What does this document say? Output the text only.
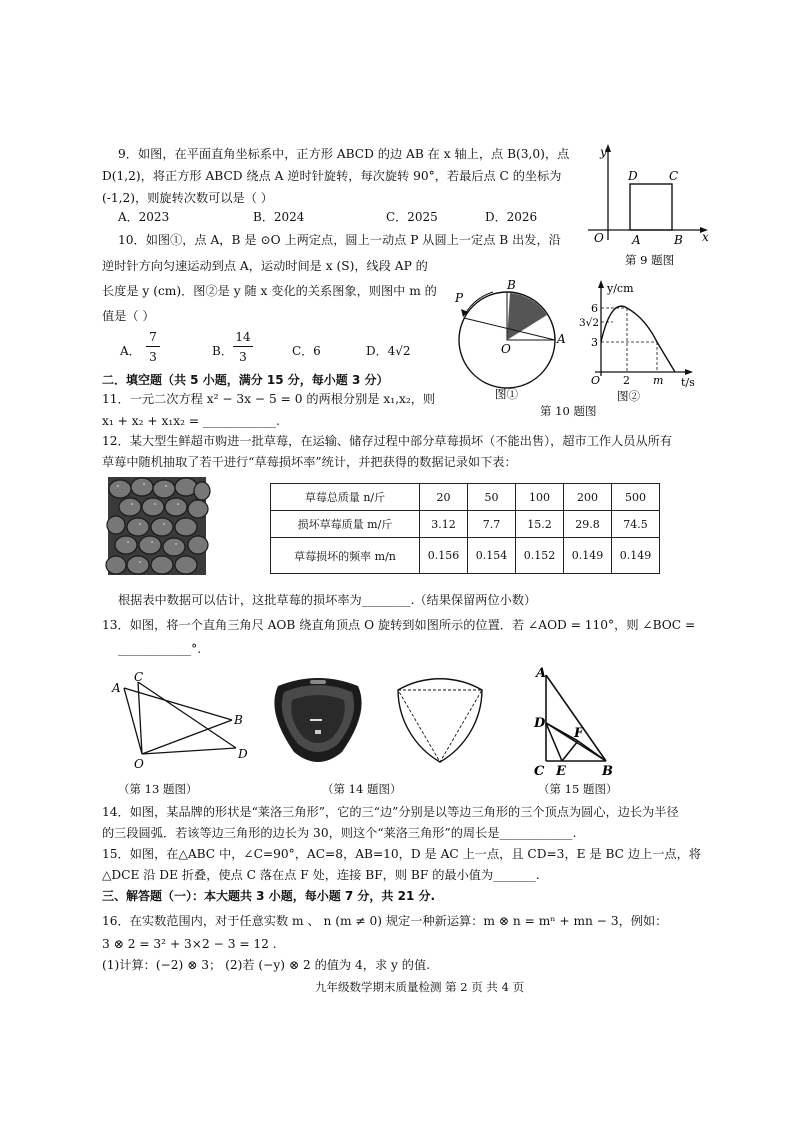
9．如图，在平面直角坐标系中，正方形 ABCD 的边 AB 在 x 轴上，点 B(3,0)，点
D(1,2)，将正方形 ABCD 绕点 A 逆时针旋转，每次旋转 90°，若最后点 C 的坐标为
(-1,2)，则旋转次数可以是（ ）
A．2023	B．2024	C．2025	D．2026
y
x
O A	B
C
D
第 9 题图
10．如图①，点 A，B 是 ⊙O 上两定点，圆上一动点 P 从圆上一定点 B 出发，沿
逆时针方向匀速运动到点 A，运动时间是 x (S)，线段 AP 的
长度是 y (cm)．图②是 y 随 x 变化的关系图象，则图中 m 的
值是（ ）
A．
7
3	B．
14
3	C．6	D．4√2
P
B
O
A
图①
y/cm
t/s
O
6
3√2
3
2 m
图②
第 10 题图
二．填空题（共 5 小题，满分 15 分，每小题 3 分）
11．一元二次方程 x² − 3x − 5 = 0 的两根分别是 x₁,x₂，则
x₁ + x₂ + x₁x₂ = ____________.
12．某大型生鲜超市购进一批草莓，在运输、储存过程中部分草莓损坏（不能出售），超市工作人员从所有
草莓中随机抽取了若干进行“草莓损坏率”统计，并把获得的数据记录如下表：
草莓总质量 n/斤	20	50	100	200	500
损坏草莓质量 m/斤	3.12	7.7	15.2	29.8	74.5
草莓损坏的频率 m/n	0.156	0.154	0.152	0.149	0.149
根据表中数据可以估计，这批草莓的损坏率为________.（结果保留两位小数）
13．如图，将一个直角三角尺 AOB 绕直角顶点 O 旋转到如图所示的位置．若 ∠AOD = 110°，则 ∠BOC =
____________°.
A
C
B
O
D
（第 13 题图）	（第 14 题图）
A
D
F
C E	B
（第 15 题图）
14．如图，某品牌的形状是“莱洛三角形”，它的三“边”分别是以等边三角形的三个顶点为圆心，边长为半径
的三段圆弧．若该等边三角形的边长为 30，则这个“莱洛三角形”的周长是____________.
15．如图，在△ABC 中，∠C=90°，AC=8，AB=10，D 是 AC 上一点，且 CD=3，E 是 BC 边上一点，将
△DCE 沿 DE 折叠，使点 C 落在点 F 处，连接 BF，则 BF 的最小值为_______.
三、解答题（一）：本大题共 3 小题，每小题 7 分，共 21 分.
16．在实数范围内，对于任意实数 m 、 n (m ≠ 0) 规定一种新运算：m ⊗ n = mⁿ + mn − 3，例如：
3 ⊗ 2 = 3² + 3×2 − 3 = 12 .
(1)计算：(−2) ⊗ 3； (2)若 (−y) ⊗ 2 的值为 4，求 y 的值.
九年级数学期末质量检测 第 2 页 共 4 页
